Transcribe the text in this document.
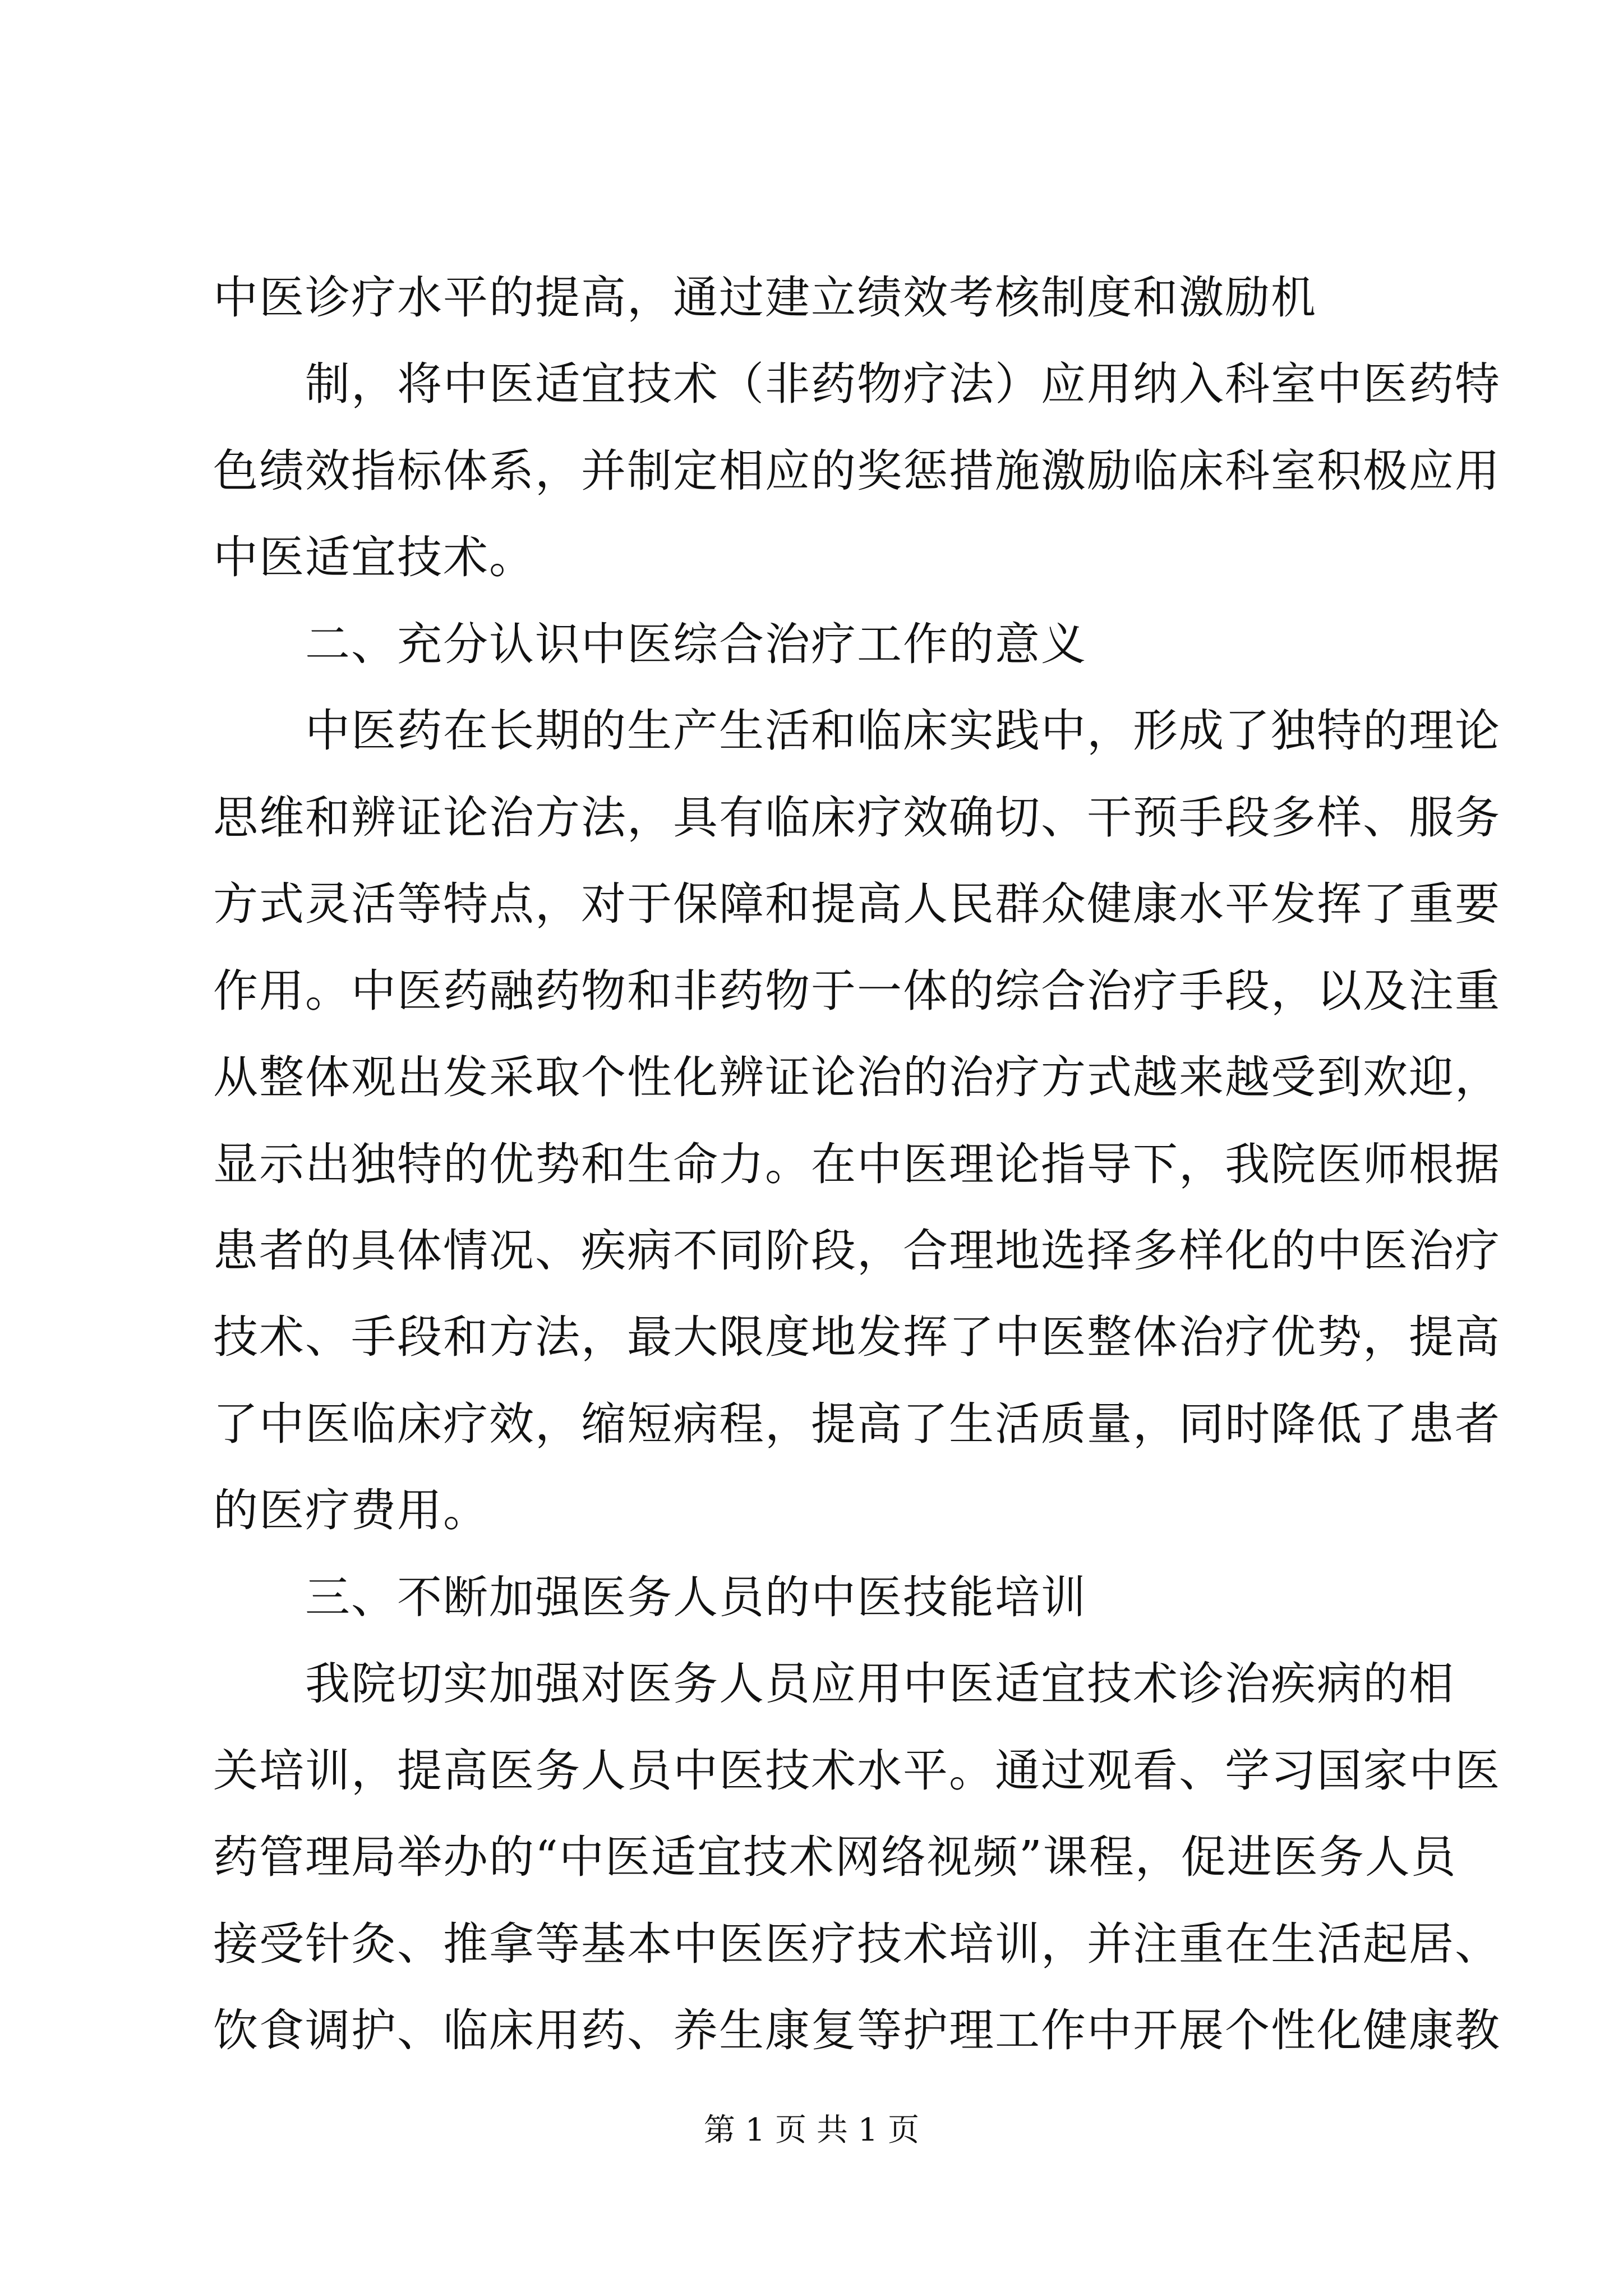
中医诊疗水平的提高，通过建立绩效考核制度和激励机
　　制，将中医适宜技术（非药物疗法）应用纳入科室中医药特
色绩效指标体系，并制定相应的奖惩措施激励临床科室积极应用
中医适宜技术。
　　二、充分认识中医综合治疗工作的意义
　　中医药在长期的生产生活和临床实践中，形成了独特的理论
思维和辨证论治方法，具有临床疗效确切、干预手段多样、服务
方式灵活等特点，对于保障和提高人民群众健康水平发挥了重要
作用。中医药融药物和非药物于一体的综合治疗手段，以及注重
从整体观出发采取个性化辨证论治的治疗方式越来越受到欢迎，
显示出独特的优势和生命力。在中医理论指导下，我院医师根据
患者的具体情况、疾病不同阶段，合理地选择多样化的中医治疗
技术、手段和方法，最大限度地发挥了中医整体治疗优势，提高
了中医临床疗效，缩短病程，提高了生活质量，同时降低了患者
的医疗费用。
　　三、不断加强医务人员的中医技能培训
　　我院切实加强对医务人员应用中医适宜技术诊治疾病的相
关培训，提高医务人员中医技术水平。通过观看、学习国家中医
药管理局举办的“中医适宜技术网络视频”课程，促进医务人员
接受针灸、推拿等基本中医医疗技术培训，并注重在生活起居、
饮食调护、临床用药、养生康复等护理工作中开展个性化健康教
第 1 页 共 1 页
